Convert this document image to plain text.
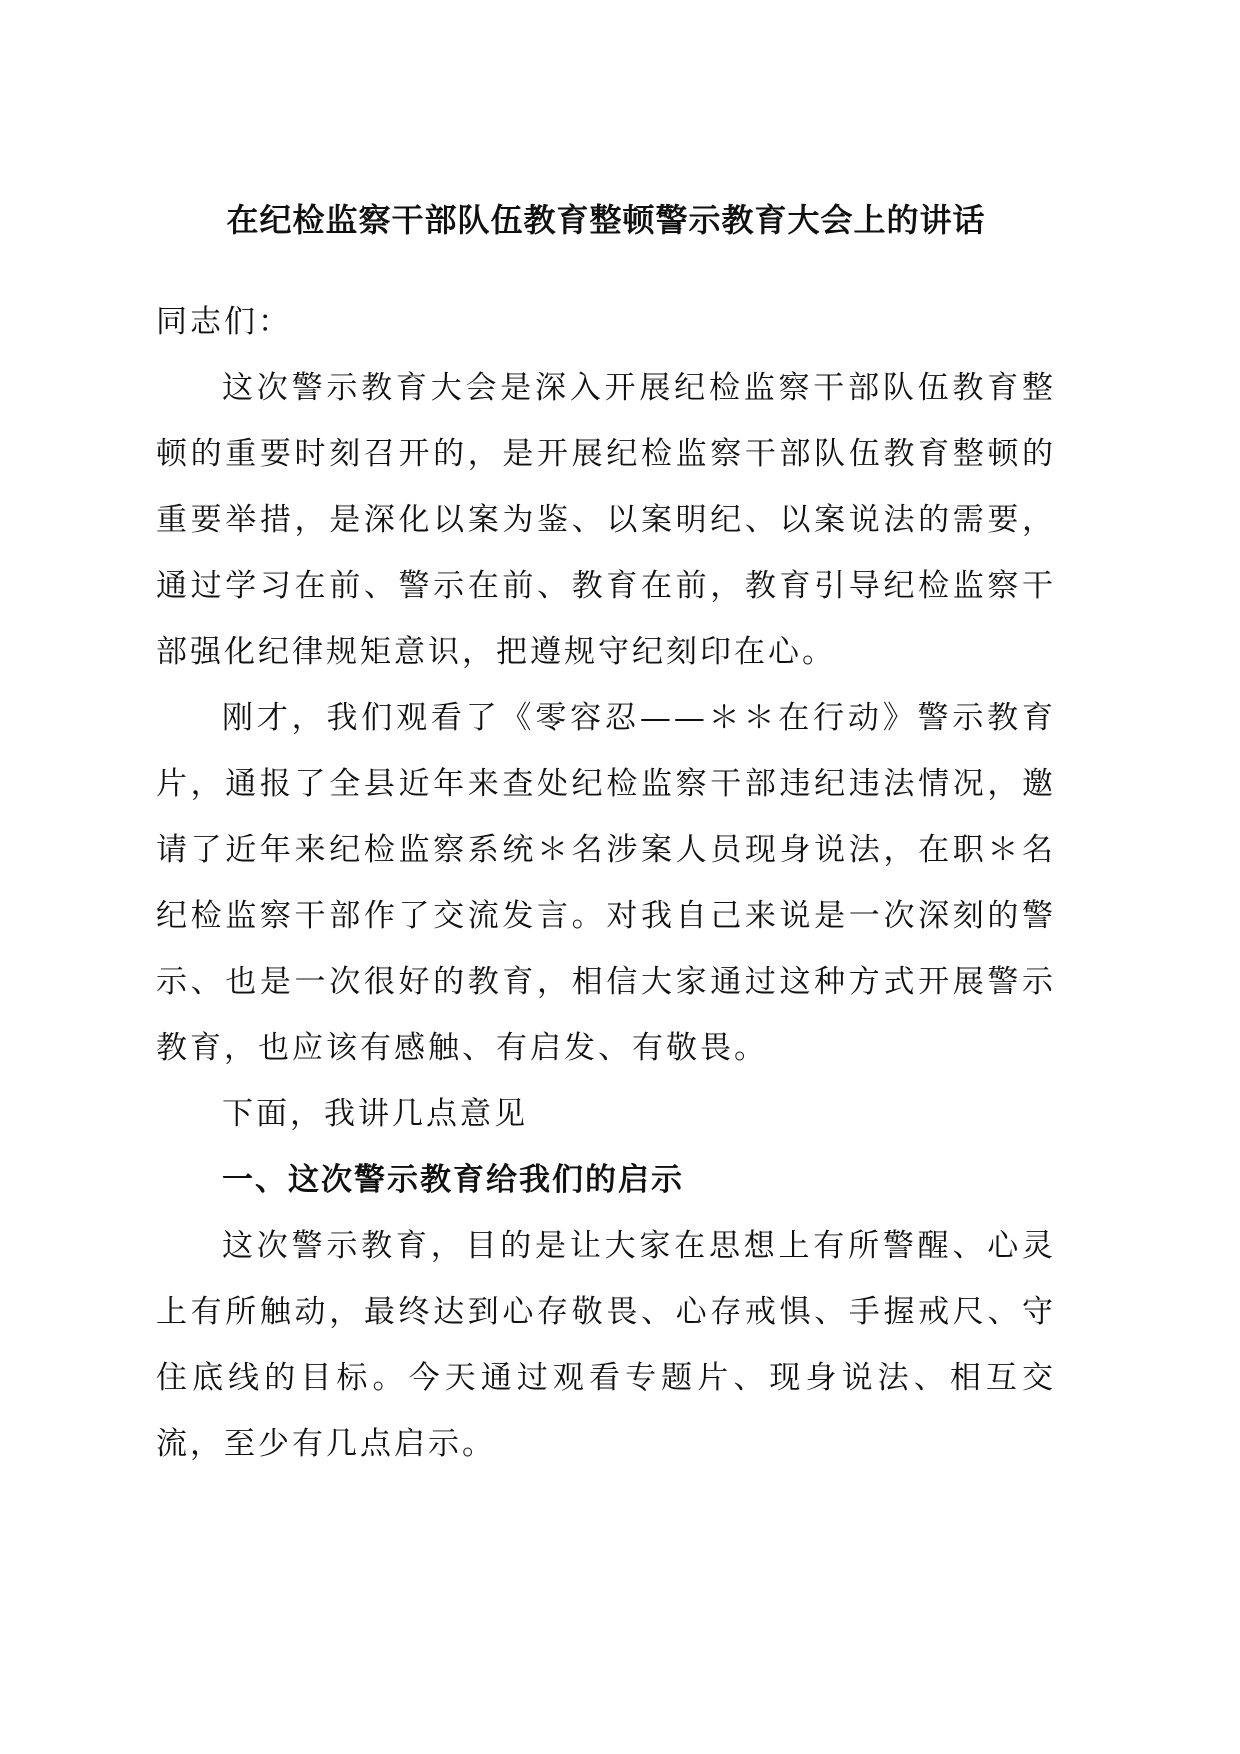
在纪检监察干部队伍教育整顿警示教育大会上的讲话

同志们：

这次警示教育大会是深入开展纪检监察干部队伍教育整顿的重要时刻召开的，是开展纪检监察干部队伍教育整顿的重要举措，是深化以案为鉴、以案明纪、以案说法的需要，通过学习在前、警示在前、教育在前，教育引导纪检监察干部强化纪律规矩意识，把遵规守纪刻印在心。

刚才，我们观看了《零容忍——＊＊在行动》警示教育片，通报了全县近年来查处纪检监察干部违纪违法情况，邀请了近年来纪检监察系统＊名涉案人员现身说法，在职＊名纪检监察干部作了交流发言。对我自己来说是一次深刻的警示、也是一次很好的教育，相信大家通过这种方式开展警示教育，也应该有感触、有启发、有敬畏。

下面，我讲几点意见

一、这次警示教育给我们的启示

这次警示教育，目的是让大家在思想上有所警醒、心灵上有所触动，最终达到心存敬畏、心存戒惧、手握戒尺、守住底线的目标。今天通过观看专题片、现身说法、相互交流，至少有几点启示。
